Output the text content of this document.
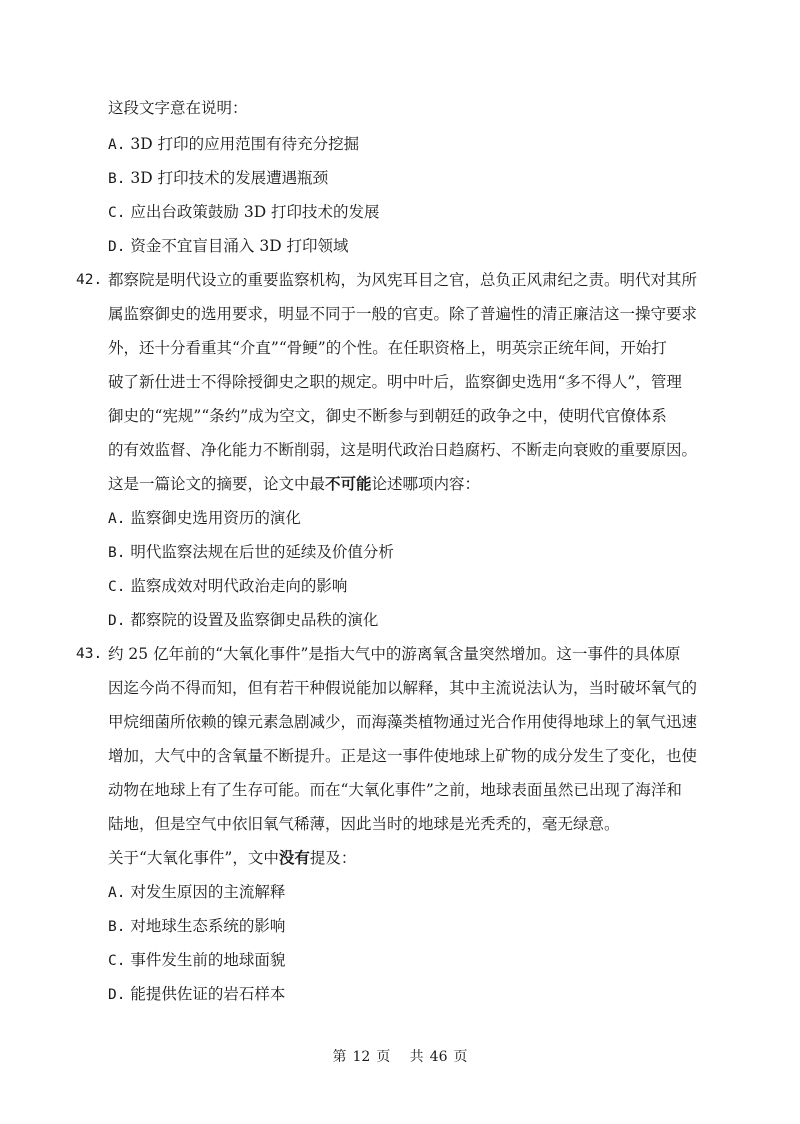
这段文字意在说明：
A. 3D 打印的应用范围有待充分挖掘
B. 3D 打印技术的发展遭遇瓶颈
C. 应出台政策鼓励 3D 打印技术的发展
D. 资金不宜盲目涌入 3D 打印领域
42. 都察院是明代设立的重要监察机构，为风宪耳目之官，总负正风肃纪之责。明代对其所
属监察御史的选用要求，明显不同于一般的官吏。除了普遍性的清正廉洁这一操守要求
外，还十分看重其“介直”“骨鲠”的个性。在任职资格上，明英宗正统年间，开始打
破了新仕进士不得除授御史之职的规定。明中叶后，监察御史选用“多不得人”，管理
御史的“宪规”“条约”成为空文，御史不断参与到朝廷的政争之中，使明代官僚体系
的有效监督、净化能力不断削弱，这是明代政治日趋腐朽、不断走向衰败的重要原因。
这是一篇论文的摘要，论文中最不可能论述哪项内容：
A. 监察御史选用资历的演化
B. 明代监察法规在后世的延续及价值分析
C. 监察成效对明代政治走向的影响
D. 都察院的设置及监察御史品秩的演化
43. 约 25 亿年前的“大氧化事件”是指大气中的游离氧含量突然增加。这一事件的具体原
因迄今尚不得而知，但有若干种假说能加以解释，其中主流说法认为，当时破坏氧气的
甲烷细菌所依赖的镍元素急剧减少，而海藻类植物通过光合作用使得地球上的氧气迅速
增加，大气中的含氧量不断提升。正是这一事件使地球上矿物的成分发生了变化，也使
动物在地球上有了生存可能。而在“大氧化事件”之前，地球表面虽然已出现了海洋和
陆地，但是空气中依旧氧气稀薄，因此当时的地球是光秃秃的，毫无绿意。
关于“大氧化事件”，文中没有提及：
A. 对发生原因的主流解释
B. 对地球生态系统的影响
C. 事件发生前的地球面貌
D. 能提供佐证的岩石样本
第 12 页 共 46 页
